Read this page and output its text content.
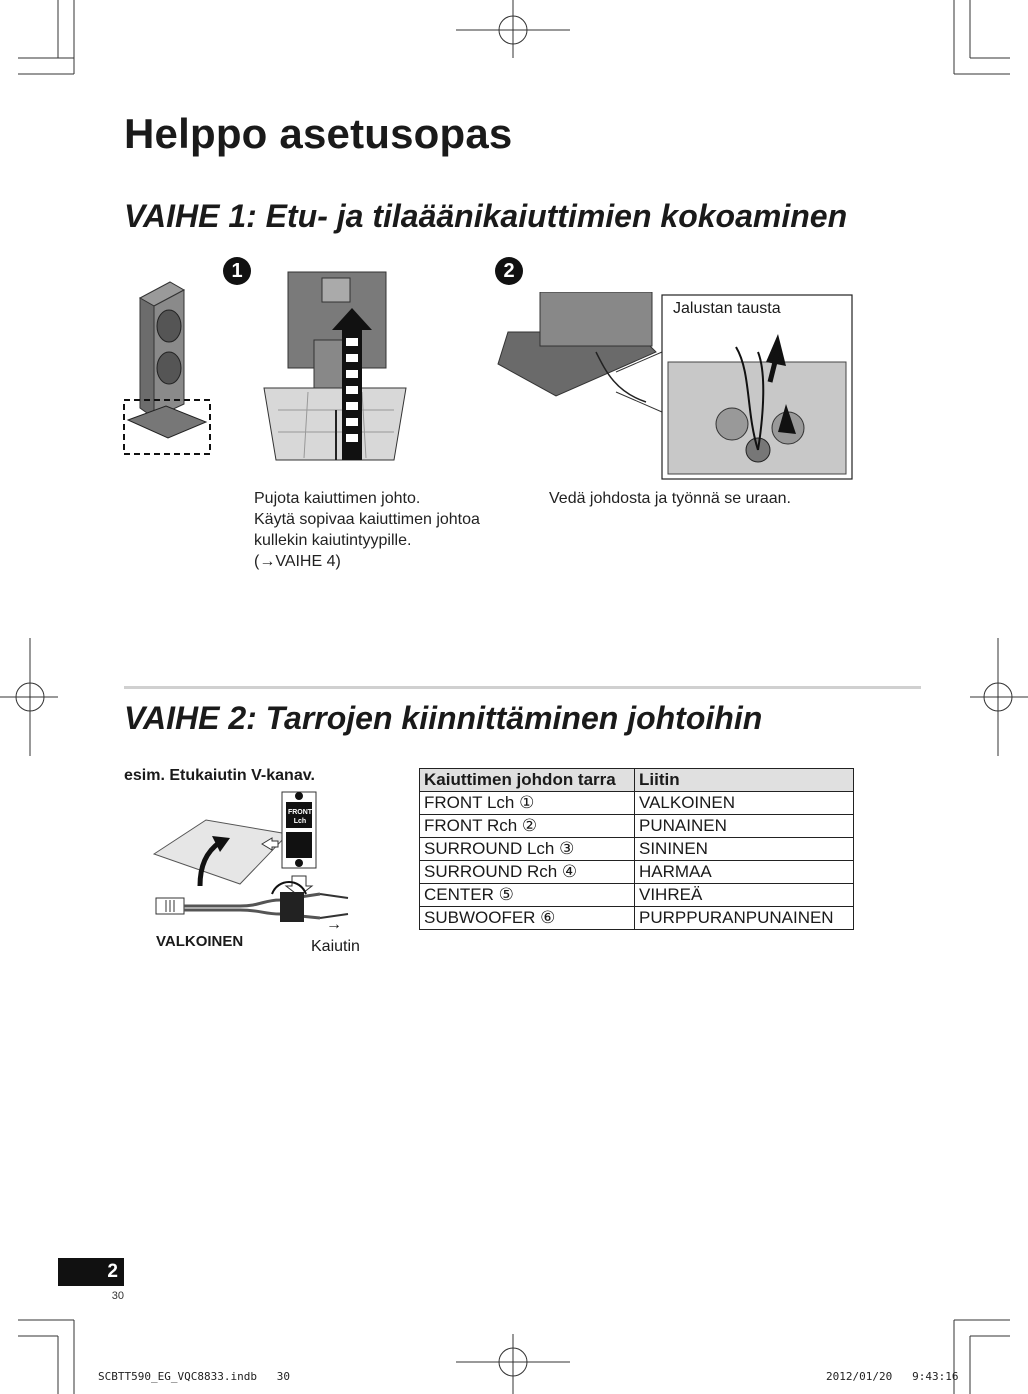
Helppo asetusopas
VAIHE 1: Etu- ja tilaäänikaiuttimien kokoaminen
1	2
Jalustan tausta
Pujota kaiuttimen johto.
Käytä sopivaa kaiuttimen johtoa
kullekin kaiutintyypille.
(→VAIHE 4)
Vedä johdosta ja työnnä se uraan.
VAIHE 2: Tarrojen kiinnittäminen johtoihin
esim. Etukaiutin V-kanav.
FRONT
Lch
VALKOINEN
→
Kaiutin
Kaiuttimen johdon tarra	Liitin
FRONT Lch ①	VALKOINEN
FRONT Rch ②	PUNAINEN
SURROUND Lch ③	SININEN
SURROUND Rch ④	HARMAA
CENTER ⑤	VIHREÄ
SUBWOOFER ⑥	PURPPURANPUNAINEN
2
30
SCBTT590_EG_VQC8833.indb   30	2012/01/20   9:43:16
